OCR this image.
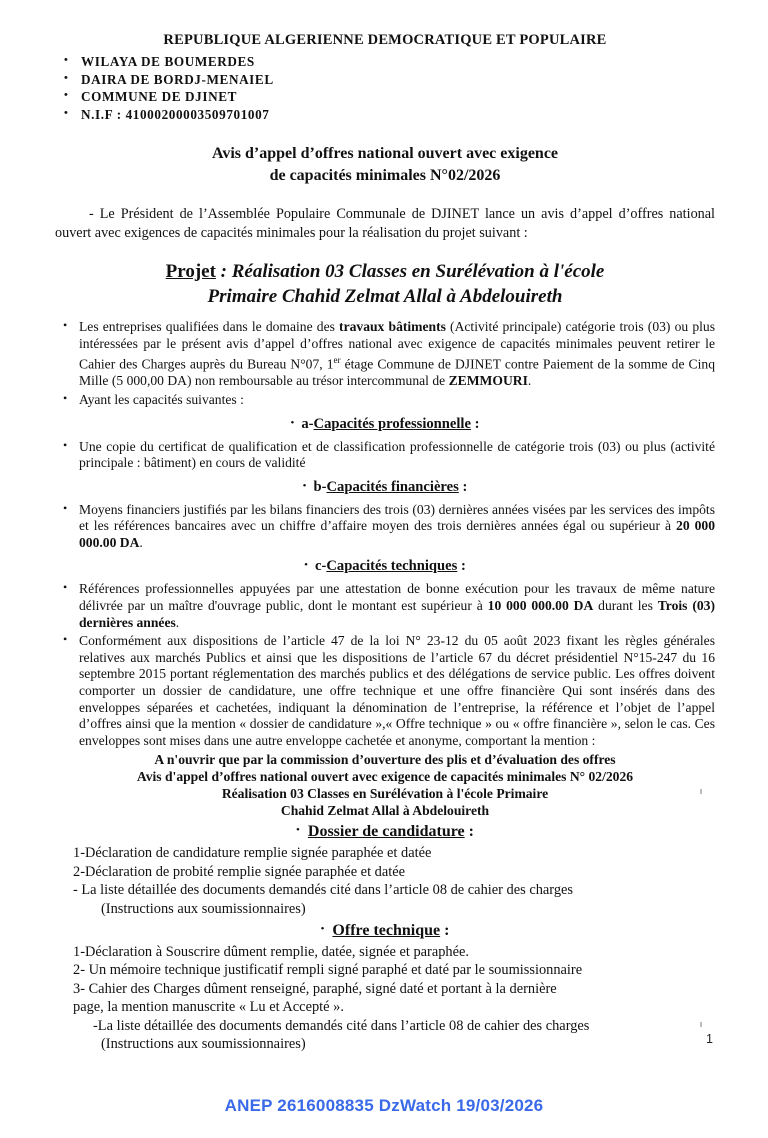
REPUBLIQUE ALGERIENNE DEMOCRATIQUE ET POPULAIRE
• WILAYA DE BOUMERDES
• DAIRA DE BORDJ-MENAIEL
• COMMUNE DE DJINET
• N.I.F : 41000200003509701007
Avis d’appel d’offres national ouvert avec exigence
de capacités minimales N°02/2026
- Le Président de l’Assemblée Populaire Communale de DJINET lance un avis d’appel d’offres national ouvert avec exigences de capacités minimales pour la réalisation du projet suivant :
Projet : Réalisation 03 Classes en Surélévation à l'école
Primaire Chahid Zelmat Allal à Abdelouireth
• Les entreprises qualifiées dans le domaine des travaux bâtiments (Activité principale) catégorie trois (03) ou plus intéressées par le présent avis d’appel d’offres national avec exigence de capacités minimales peuvent retirer le Cahier des Charges auprès du Bureau N°07, 1er étage Commune de DJINET contre Paiement de la somme de Cinq Mille (5 000,00 DA) non remboursable au trésor intercommunal de ZEMMOURI.
• Ayant les capacités suivantes :
• a-Capacités professionnelle :
• Une copie du certificat de qualification et de classification professionnelle de catégorie trois (03) ou plus (activité principale : bâtiment) en cours de validité
• b-Capacités financières :
• Moyens financiers justifiés par les bilans financiers des trois (03) dernières années visées par les services des impôts et les références bancaires avec un chiffre d’affaire moyen des trois dernières années égal ou supérieur à 20 000 000.00 DA.
• c-Capacités techniques :
• Références professionnelles appuyées par une attestation de bonne exécution pour les travaux de même nature délivrée par un maître d'ouvrage public, dont le montant est supérieur à 10 000 000.00 DA durant les Trois (03) dernières années.
• Conformément aux dispositions de l’article 47 de la loi N° 23-12 du 05 août 2023 fixant les règles générales relatives aux marchés Publics et ainsi que les dispositions de l’article 67 du décret présidentiel N°15-247 du 16 septembre 2015 portant réglementation des marchés publics et des délégations de service public. Les offres doivent comporter un dossier de candidature, une offre technique et une offre financière Qui sont insérés dans des enveloppes séparées et cachetées, indiquant la dénomination de l’entreprise, la référence et l’objet de l’appel d’offres ainsi que la mention « dossier de candidature »,« Offre technique » ou « offre financière », selon le cas. Ces enveloppes sont mises dans une autre enveloppe cachetée et anonyme, comportant la mention :
A n'ouvrir que par la commission d’ouverture des plis et d’évaluation des offres
Avis d'appel d’offres national ouvert avec exigence de capacités minimales N° 02/2026
Réalisation 03 Classes en Surélévation à l'école Primaire
Chahid Zelmat Allal à Abdelouireth
• Dossier de candidature :
1-Déclaration de candidature remplie signée paraphée et datée
2-Déclaration de probité remplie signée paraphée et datée
- La liste détaillée des documents demandés cité dans l’article 08 de cahier des charges
(Instructions aux soumissionnaires)
• Offre technique :
1-Déclaration à Souscrire dûment remplie, datée, signée et paraphée.
2- Un mémoire technique justificatif rempli signé paraphé et daté par le soumissionnaire
3- Cahier des Charges dûment renseigné, paraphé, signé daté et portant à la dernière
page, la mention manuscrite « Lu et Accepté ».
-La liste détaillée des documents demandés cité dans l’article 08 de cahier des charges
(Instructions aux soumissionnaires)	1
ANEP 2616008835 DzWatch 19/03/2026
